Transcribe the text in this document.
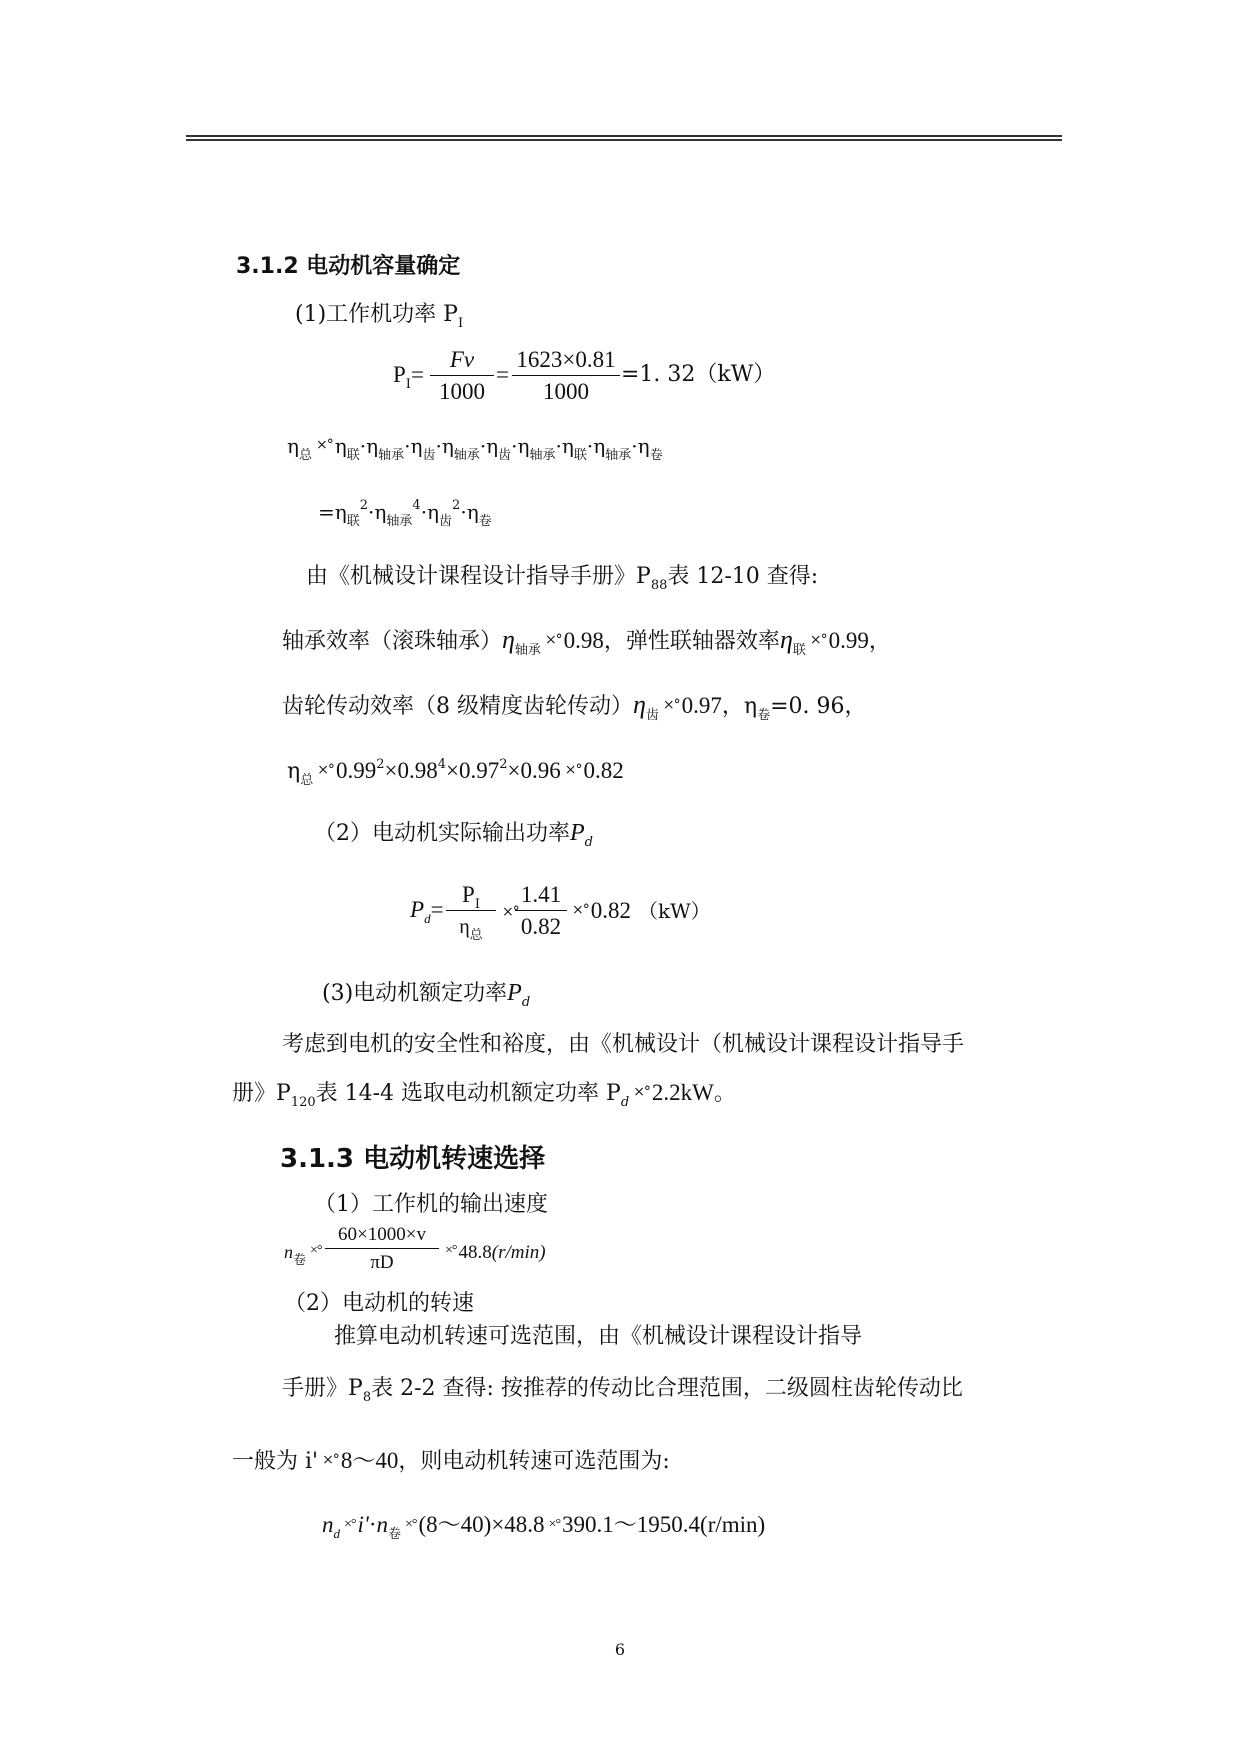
3.1.2 电动机容量确定
(1)工作机功率 $P_Ⅰ$
$P_Ⅰ= \frac{Fv}{1000} = \frac{1623\times 0.81}{1000} =1$. 32（kW）
$\eta_总^{\times^\circ}$ $\eta_联\cdot\eta_{轴承}\cdot\eta_齿\cdot\eta_{轴承}\cdot\eta_齿\cdot\eta_{轴承}\cdot\eta_联\cdot\eta_{轴承}\cdot\eta_卷$
$=\eta_联^2\cdot\eta_{轴承}^4\cdot\eta_齿^2\cdot\eta_卷$
由《机械设计课程设计指导手册》$P_{88}$表 12-10 查得:
轴承效率（滚珠轴承）$\eta_{轴承}\times^\circ 0.98$，弹性联轴器效率$\eta_联\times^\circ 0.99$，
齿轮传动效率（8 级精度齿轮传动）$\eta_齿\times^\circ 0.97$，$\eta_卷=0$. 96，
$\eta_总\times^\circ 0.99^2\times 0.98^4\times 0.97^2\times 0.96 \times^\circ 0.82$
（2）电动机实际输出功率$P_d$
$P_d=$
$P_Ⅰ$
$\eta_总$
×°
$\frac{1.41}{0.82} \times^\circ 0.82$ （kW）
(3)电动机额定功率$P_d$
考虑到电机的安全性和裕度，由《机械设计（机械设计课程设计指导手
册》$P_{120}$表 14-4 选取电动机额定功率 $P_d\times^\circ 2.2kW$。
3.1.3 电动机转速选择
（1）工作机的输出速度
$n_卷^{\times^\circ} \frac{60\times 1000\times v}{\pi D} ^{\times^\circ}$ 48.8(r/min)
（2）电动机的转速
推算电动机转速可选范围，由《机械设计课程设计指导
手册》$P_8$表 2-2 查得: 按推荐的传动比合理范围，二级圆柱齿轮传动比
一般为 i' ×°8～40，则电动机转速可选范围为:
$n_d\times^\circ i'\cdot n_卷\times^\circ(8\sim 40)\times 48.8$ ×°390.1～1950.4(r/min)
6
